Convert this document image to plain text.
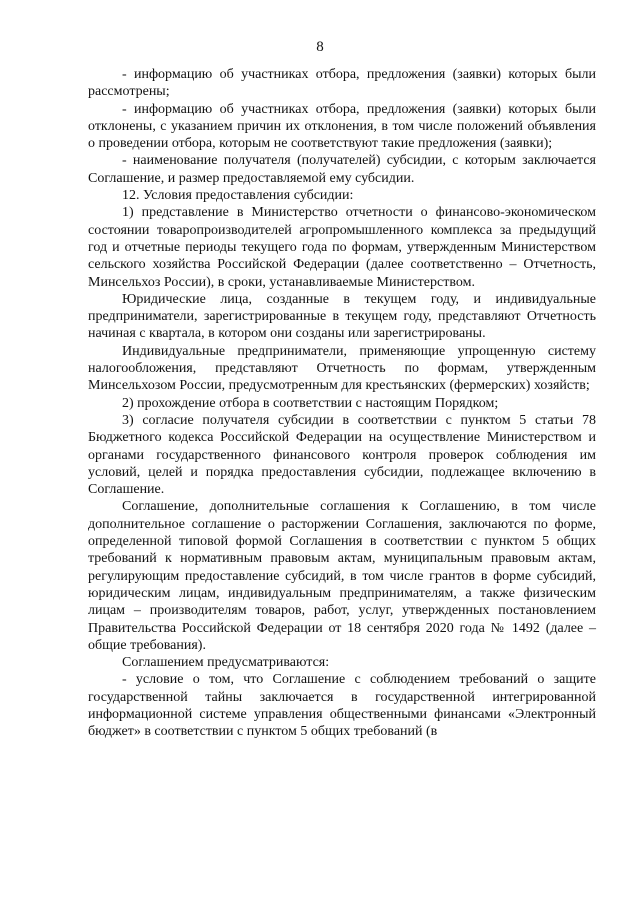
8

- информацию об участниках отбора, предложения (заявки) которых были рассмотрены;

- информацию об участниках отбора, предложения (заявки) которых были отклонены, с указанием причин их отклонения, в том числе положений объявления о проведении отбора, которым не соответствуют такие предложения (заявки);

- наименование получателя (получателей) субсидии, с которым заключается Соглашение, и размер предоставляемой ему субсидии.

12. Условия предоставления субсидии:

1) представление в Министерство отчетности о финансово-экономическом состоянии товаропроизводителей агропромышленного комплекса за предыдущий год и отчетные периоды текущего года по формам, утвержденным Министерством сельского хозяйства Российской Федерации (далее соответственно – Отчетность, Минсельхоз России), в сроки, устанавливаемые Министерством.

Юридические лица, созданные в текущем году, и индивидуальные предприниматели, зарегистрированные в текущем году, представляют Отчетность начиная с квартала, в котором они созданы или зарегистрированы.

Индивидуальные предприниматели, применяющие упрощенную систему налогообложения, представляют Отчетность по формам, утвержденным Минсельхозом России, предусмотренным для крестьянских (фермерских) хозяйств;

2) прохождение отбора в соответствии с настоящим Порядком;

3) согласие получателя субсидии в соответствии с пунктом 5 статьи 78 Бюджетного кодекса Российской Федерации на осуществление Министерством и органами государственного финансового контроля проверок соблюдения им условий, целей и порядка предоставления субсидии, подлежащее включению в Соглашение.

Соглашение, дополнительные соглашения к Соглашению, в том числе дополнительное соглашение о расторжении Соглашения, заключаются по форме, определенной типовой формой Соглашения в соответствии с пунктом 5 общих требований к нормативным правовым актам, муниципальным правовым актам, регулирующим предоставление субсидий, в том числе грантов в форме субсидий, юридическим лицам, индивидуальным предпринимателям, а также физическим лицам – производителям товаров, работ, услуг, утвержденных постановлением Правительства Российской Федерации от 18 сентября 2020 года № 1492 (далее – общие требования).

Соглашением предусматриваются:

- условие о том, что Соглашение с соблюдением требований о защите государственной тайны заключается в государственной интегрированной информационной системе управления общественными финансами «Электронный бюджет» в соответствии с пунктом 5 общих требований (в
